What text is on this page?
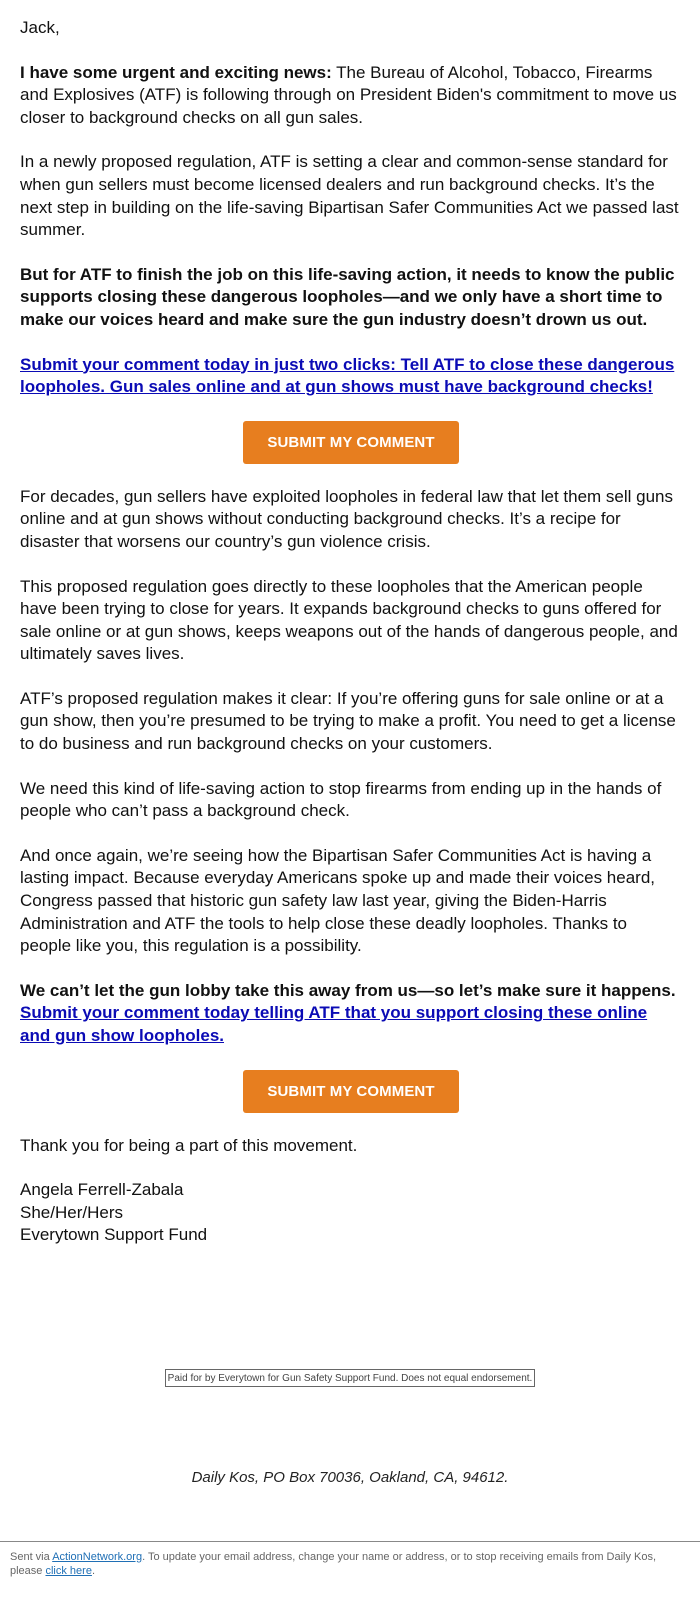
Jack,

I have some urgent and exciting news: The Bureau of Alcohol, Tobacco, Firearms and Explosives (ATF) is following through on President Biden's commitment to move us closer to background checks on all gun sales.

In a newly proposed regulation, ATF is setting a clear and common-sense standard for when gun sellers must become licensed dealers and run background checks. It’s the next step in building on the life-saving Bipartisan Safer Communities Act we passed last summer.

But for ATF to finish the job on this life-saving action, it needs to know the public supports closing these dangerous loopholes—and we only have a short time to make our voices heard and make sure the gun industry doesn’t drown us out.

Submit your comment today in just two clicks: Tell ATF to close these dangerous loopholes. Gun sales online and at gun shows must have background checks!

SUBMIT MY COMMENT

For decades, gun sellers have exploited loopholes in federal law that let them sell guns online and at gun shows without conducting background checks. It’s a recipe for disaster that worsens our country’s gun violence crisis.

This proposed regulation goes directly to these loopholes that the American people have been trying to close for years. It expands background checks to guns offered for sale online or at gun shows, keeps weapons out of the hands of dangerous people, and ultimately saves lives.

ATF’s proposed regulation makes it clear: If you’re offering guns for sale online or at a gun show, then you’re presumed to be trying to make a profit. You need to get a license to do business and run background checks on your customers.

We need this kind of life-saving action to stop firearms from ending up in the hands of people who can’t pass a background check.

And once again, we’re seeing how the Bipartisan Safer Communities Act is having a lasting impact. Because everyday Americans spoke up and made their voices heard, Congress passed that historic gun safety law last year, giving the Biden-Harris Administration and ATF the tools to help close these deadly loopholes. Thanks to people like you, this regulation is a possibility.

We can’t let the gun lobby take this away from us—so let’s make sure it happens. Submit your comment today telling ATF that you support closing these online and gun show loopholes.

SUBMIT MY COMMENT

Thank you for being a part of this movement.

Angela Ferrell-Zabala
She/Her/Hers
Everytown Support Fund

Paid for by Everytown for Gun Safety Support Fund. Does not equal endorsement.
Daily Kos, PO Box 70036, Oakland, CA, 94612.
Sent via ActionNetwork.org. To update your email address, change your name or address, or to stop receiving emails from Daily Kos, please click here.
